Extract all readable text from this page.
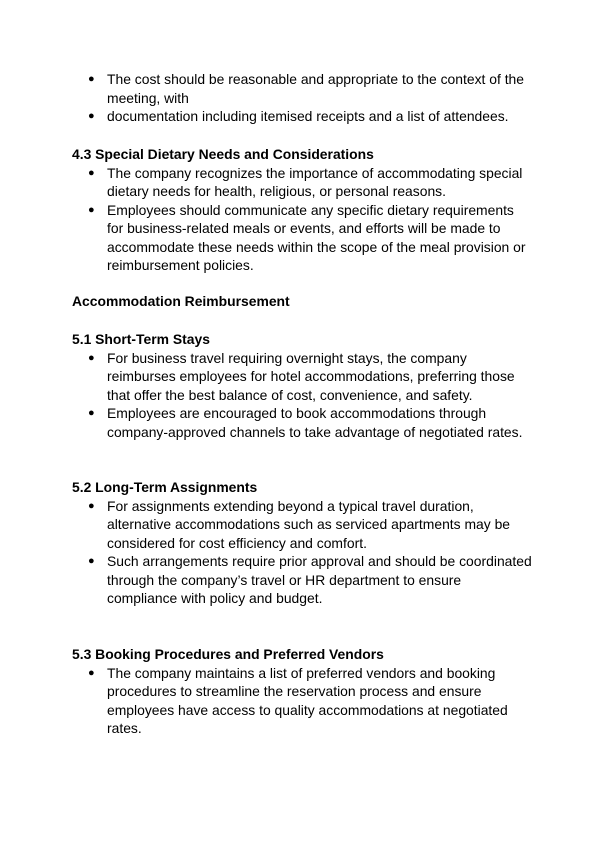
● The cost should be reasonable and appropriate to the context of the meeting, with
● documentation including itemised receipts and a list of attendees.

4.3 Special Dietary Needs and Considerations

● The company recognizes the importance of accommodating special dietary needs for health, religious, or personal reasons.
● Employees should communicate any specific dietary requirements for business-related meals or events, and efforts will be made to accommodate these needs within the scope of the meal provision or reimbursement policies.

Accommodation Reimbursement

5.1 Short-Term Stays

● For business travel requiring overnight stays, the company reimburses employees for hotel accommodations, preferring those that offer the best balance of cost, convenience, and safety.
● Employees are encouraged to book accommodations through company-approved channels to take advantage of negotiated rates.

5.2 Long-Term Assignments

● For assignments extending beyond a typical travel duration, alternative accommodations such as serviced apartments may be considered for cost efficiency and comfort.
● Such arrangements require prior approval and should be coordinated through the company’s travel or HR department to ensure compliance with policy and budget.

5.3 Booking Procedures and Preferred Vendors

● The company maintains a list of preferred vendors and booking procedures to streamline the reservation process and ensure employees have access to quality accommodations at negotiated rates.
